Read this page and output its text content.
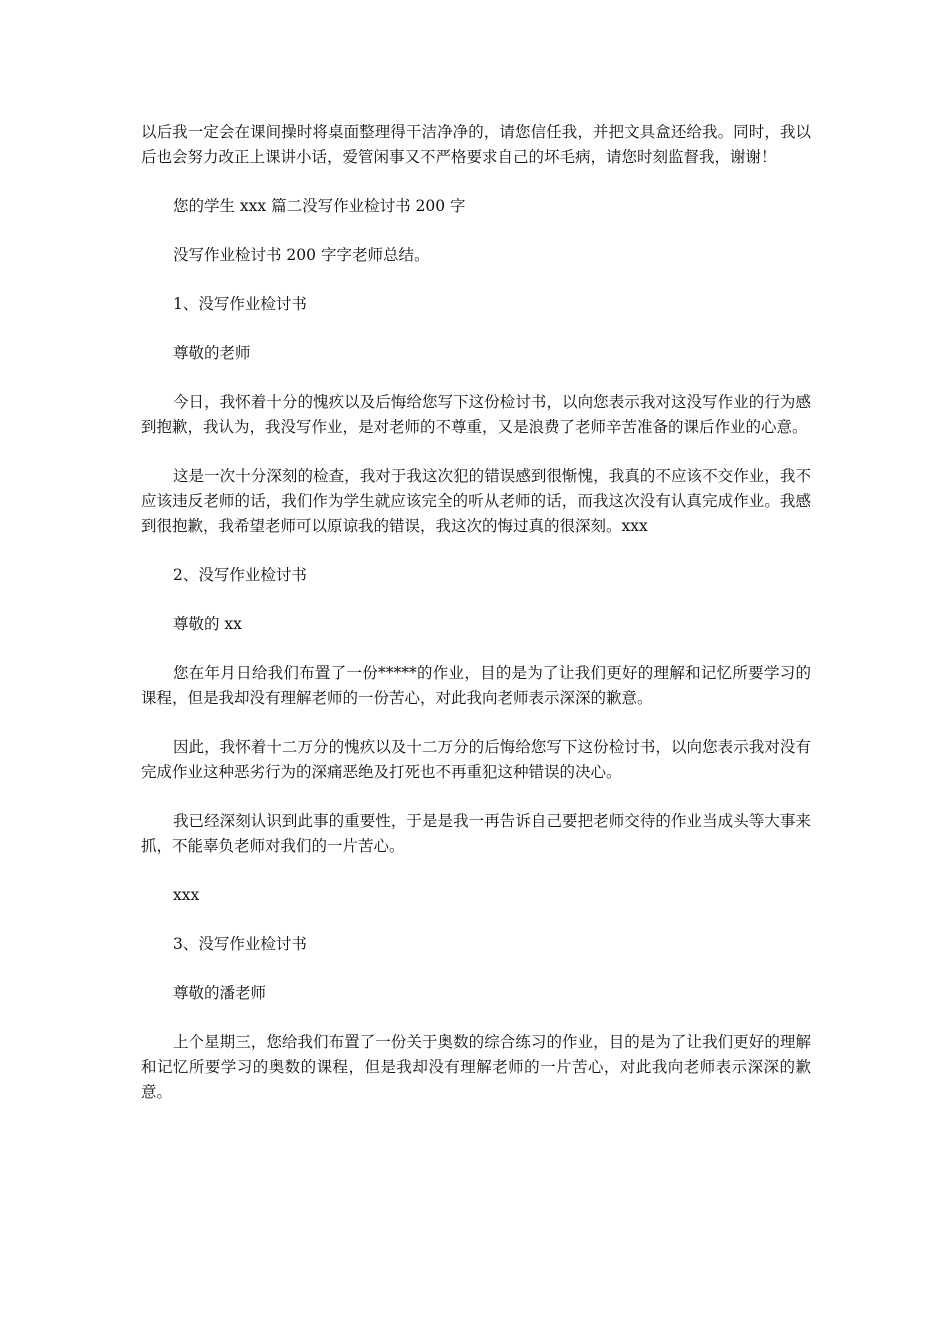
以后我一定会在课间操时将桌面整理得干洁净净的，请您信任我，并把文具盒还给我。同时，我以后也会努力改正上课讲小话，爱管闲事又不严格要求自己的坏毛病，请您时刻监督我，谢谢！

您的学生 xxx 篇二没写作业检讨书 200 字

没写作业检讨书 200 字字老师总结。

1、没写作业检讨书

尊敬的老师

今日，我怀着十分的愧疚以及后悔给您写下这份检讨书，以向您表示我对这没写作业的行为感到抱歉，我认为，我没写作业，是对老师的不尊重，又是浪费了老师辛苦准备的课后作业的心意。

这是一次十分深刻的检查，我对于我这次犯的错误感到很惭愧，我真的不应该不交作业，我不应该违反老师的话，我们作为学生就应该完全的听从老师的话，而我这次没有认真完成作业。我感到很抱歉，我希望老师可以原谅我的错误，我这次的悔过真的很深刻。xxx

2、没写作业检讨书

尊敬的 xx

您在年月日给我们布置了一份*****的作业，目的是为了让我们更好的理解和记忆所要学习的课程，但是我却没有理解老师的一份苦心，对此我向老师表示深深的歉意。

因此，我怀着十二万分的愧疚以及十二万分的后悔给您写下这份检讨书，以向您表示我对没有完成作业这种恶劣行为的深痛恶绝及打死也不再重犯这种错误的决心。

我已经深刻认识到此事的重要性，于是是我一再告诉自己要把老师交待的作业当成头等大事来抓，不能辜负老师对我们的一片苦心。

xxx

3、没写作业检讨书

尊敬的潘老师

上个星期三，您给我们布置了一份关于奥数的综合练习的作业，目的是为了让我们更好的理解和记忆所要学习的奥数的课程，但是我却没有理解老师的一片苦心，对此我向老师表示深深的歉意。
